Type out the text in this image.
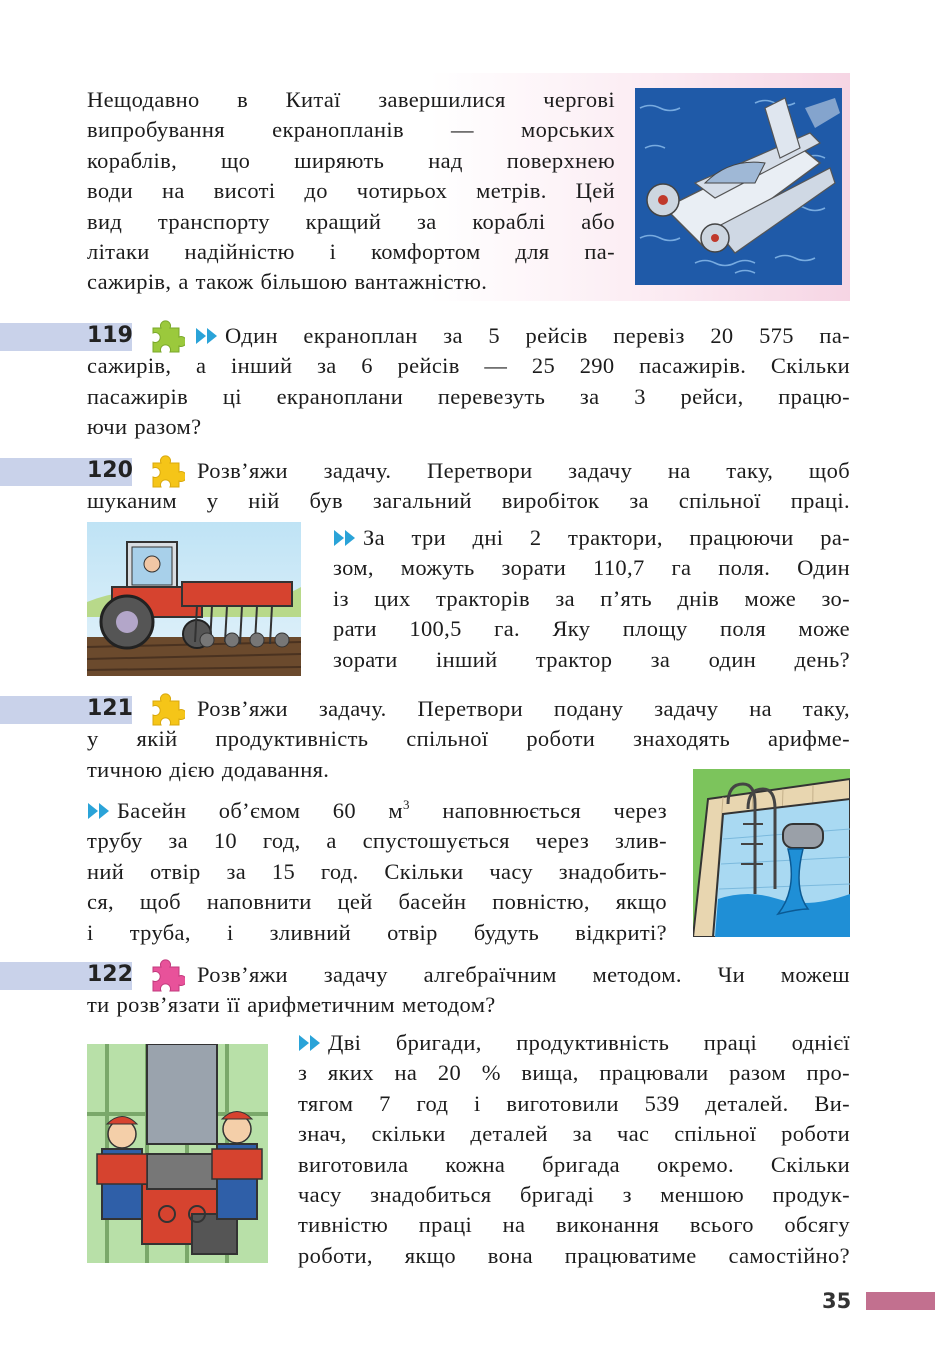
Нещодавно в Китаї завершилися чергові
випробування екранопланів — морських
кораблів, що ширяють над поверхнею
води на висоті до чотирьох метрів. Цей
вид транспорту кращий за кораблі або
літаки надійністю і комфортом для па-
сажирів, а також більшою вантажністю.
119	Один екраноплан за 5 рейсів перевіз 20 575 па-
сажирів, а інший за 6 рейсів — 25 290 пасажирів. Скільки
пасажирів ці екраноплани перевезуть за 3 рейси, працю-
ючи разом?
120	Розв’яжи задачу. Перетвори задачу на таку, щоб
шуканим у ній був загальний виробіток за спільної праці.
За три дні 2 трактори, працюючи ра-
зом, можуть зорати 110,7 га поля. Один
із цих тракторів за п’ять днів може зо-
рати 100,5 га. Яку площу поля може
зорати інший трактор за один день?
121	Розв’яжи задачу. Перетвори подану задачу на таку,
у якій продуктивність спільної роботи знаходять арифме-
тичною дією додавання.
Басейн об’ємом 60 $м^3$ наповнюється через
трубу за 10 год, а спустошується через злив-
ний отвір за 15 год. Скільки часу знадобить-
ся, щоб наповнити цей басейн повністю, якщо
і труба, і зливний отвір будуть відкриті?
122	Розв’яжи задачу алгебраїчним методом. Чи можеш
ти розв’язати її арифметичним методом?
Дві бригади, продуктивність праці однієї
з яких на 20 % вища, працювали разом про-
тягом 7 год і виготовили 539 деталей. Ви-
знач, скільки деталей за час спільної роботи
виготовила кожна бригада окремо. Скільки
часу знадобиться бригаді з меншою продук-
тивністю праці на виконання всього обсягу
роботи, якщо вона працюватиме самостійно?
35
